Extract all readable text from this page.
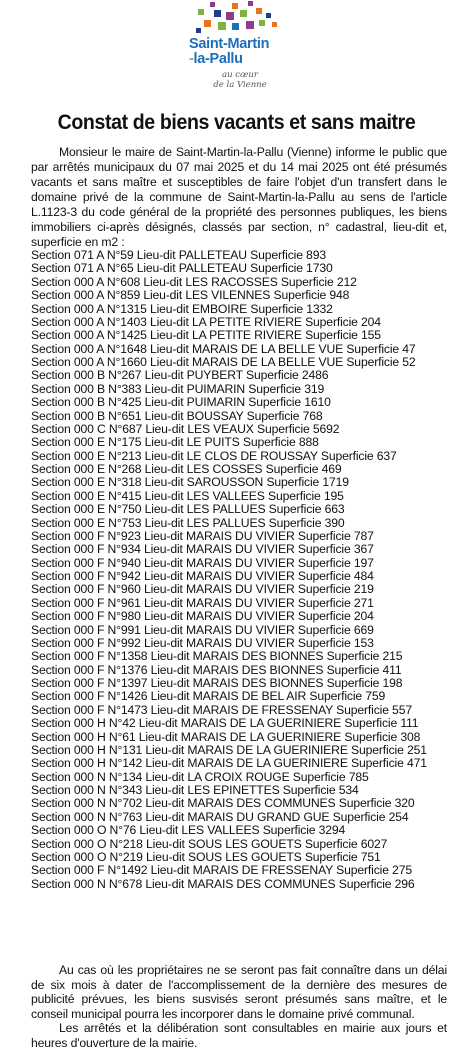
Saint-Martin
-la-Pallu
au cœur
de la Vienne
Constat de biens vacants et sans maitre

Monsieur le maire de Saint-Martin-la-Pallu (Vienne) informe le public que par arrêtés municipaux du 07 mai 2025 et du 14 mai 2025 ont été présumés vacants et sans maître et susceptibles de faire l'objet d'un transfert dans le domaine privé de la commune de Saint-Martin-la-Pallu au sens de l'article L.1123-3 du code général de la propriété des personnes publiques, les biens immobiliers ci-après désignés, classés par section, n° cadastral, lieu-dit et, superficie en m2 :

Section 071 A N°59 Lieu-dit PALLETEAU Superficie 893
Section 071 A N°65 Lieu-dit PALLETEAU Superficie 1730
Section 000 A N°608 Lieu-dit LES RACOSSES Superficie 212
Section 000 A N°859 Lieu-dit LES VILENNES Superficie 948
Section 000 A N°1315 Lieu-dit EMBOIRE Superficie 1332
Section 000 A N°1403 Lieu-dit LA PETITE RIVIERE Superficie 204
Section 000 A N°1425 Lieu-dit LA PETITE RIVIERE Superficie 155
Section 000 A N°1648 Lieu-dit MARAIS DE LA BELLE VUE Superficie 47
Section 000 A N°1660 Lieu-dit MARAIS DE LA BELLE VUE Superficie 52
Section 000 B N°267 Lieu-dit PUYBERT Superficie 2486
Section 000 B N°383 Lieu-dit PUIMARIN Superficie 319
Section 000 B N°425 Lieu-dit PUIMARIN Superficie 1610
Section 000 B N°651 Lieu-dit BOUSSAY Superficie 768
Section 000 C N°687 Lieu-dit LES VEAUX Superficie 5692
Section 000 E N°175 Lieu-dit LE PUITS Superficie 888
Section 000 E N°213 Lieu-dit LE CLOS DE ROUSSAY Superficie 637
Section 000 E N°268 Lieu-dit LES COSSES Superficie 469
Section 000 E N°318 Lieu-dit SAROUSSON Superficie 1719
Section 000 E N°415 Lieu-dit LES VALLEES Superficie 195
Section 000 E N°750 Lieu-dit LES PALLUES Superficie 663
Section 000 E N°753 Lieu-dit LES PALLUES Superficie 390
Section 000 F N°923 Lieu-dit MARAIS DU VIVIER Superficie 787
Section 000 F N°934 Lieu-dit MARAIS DU VIVIER Superficie 367
Section 000 F N°940 Lieu-dit MARAIS DU VIVIER Superficie 197
Section 000 F N°942 Lieu-dit MARAIS DU VIVIER Superficie 484
Section 000 F N°960 Lieu-dit MARAIS DU VIVIER Superficie 219
Section 000 F N°961 Lieu-dit MARAIS DU VIVIER Superficie 271
Section 000 F N°980 Lieu-dit MARAIS DU VIVIER Superficie 204
Section 000 F N°991 Lieu-dit MARAIS DU VIVIER Superficie 669
Section 000 F N°992 Lieu-dit MARAIS DU VIVIER Superficie 153
Section 000 F N°1358 Lieu-dit MARAIS DES BIONNES Superficie 215
Section 000 F N°1376 Lieu-dit MARAIS DES BIONNES Superficie 411
Section 000 F N°1397 Lieu-dit MARAIS DES BIONNES Superficie 198
Section 000 F N°1426 Lieu-dit MARAIS DE BEL AIR Superficie 759
Section 000 F N°1473 Lieu-dit MARAIS DE FRESSENAY Superficie 557
Section 000 H N°42 Lieu-dit MARAIS DE LA GUERINIERE Superficie 111
Section 000 H N°61 Lieu-dit MARAIS DE LA GUERINIERE Superficie 308
Section 000 H N°131 Lieu-dit MARAIS DE LA GUERINIERE Superficie 251
Section 000 H N°142 Lieu-dit MARAIS DE LA GUERINIERE Superficie 471
Section 000 N N°134 Lieu-dit LA CROIX ROUGE Superficie 785
Section 000 N N°343 Lieu-dit LES EPINETTES Superficie 534
Section 000 N N°702 Lieu-dit MARAIS DES COMMUNES Superficie 320
Section 000 N N°763 Lieu-dit MARAIS DU GRAND GUE Superficie 254
Section 000 O N°76 Lieu-dit LES VALLEES Superficie 3294
Section 000 O N°218 Lieu-dit SOUS LES GOUETS Superficie 6027
Section 000 O N°219 Lieu-dit SOUS LES GOUETS Superficie 751
Section 000 F N°1492 Lieu-dit MARAIS DE FRESSENAY Superficie 275
Section 000 N N°678 Lieu-dit MARAIS DES COMMUNES Superficie 296

Au cas où les propriétaires ne se seront pas fait connaître dans un délai de six mois à dater de l'accomplissement de la dernière des mesures de publicité prévues, les biens susvisés seront présumés sans maître, et le conseil municipal pourra les incorporer dans le domaine privé communal.

Les arrêtés et la délibération sont consultables en mairie aux jours et heures d'ouverture de la mairie.
